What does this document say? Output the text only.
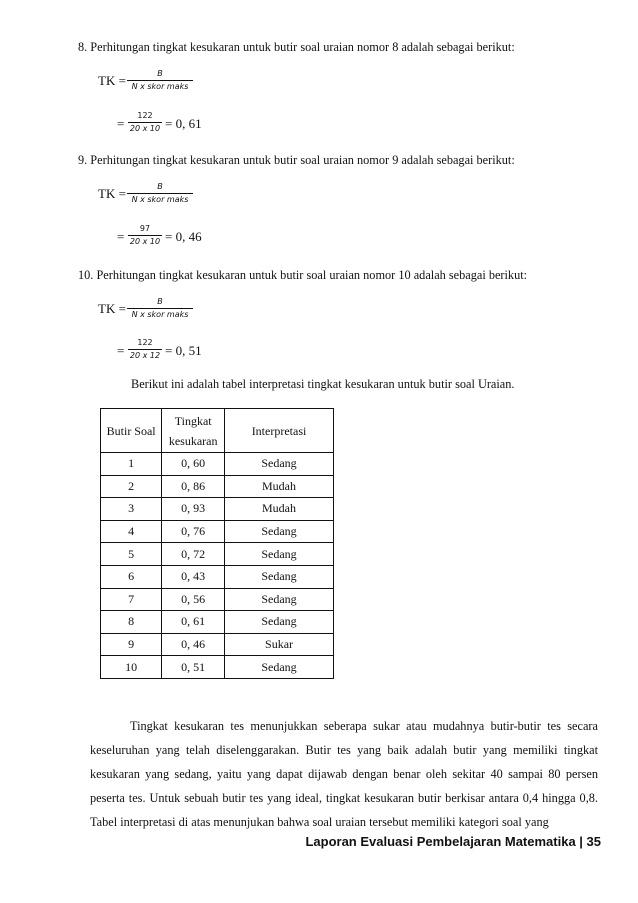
8. Perhitungan tingkat kesukaran untuk butir soal uraian nomor 8 adalah sebagai berikut:
TK =	B
N x skor maks
= $\frac{122}{20 x 10} = 0$, 61
9. Perhitungan tingkat kesukaran untuk butir soal uraian nomor 9 adalah sebagai berikut:
TK =	B
N x skor maks
= $\frac{97}{20 x 10} = 0$, 46
10. Perhitungan tingkat kesukaran untuk butir soal uraian nomor 10 adalah sebagai berikut:
TK =	B
N x skor maks
= $\frac{122}{20 x 12} = 0$, 51
Berikut ini adalah tabel interpretasi tingkat kesukaran untuk butir soal Uraian.
Butir Soal	Tingkat kesukaran	Interpretasi
1	0, 60	Sedang
2	0, 86	Mudah
3	0, 93	Mudah
4	0, 76	Sedang
5	0, 72	Sedang
6	0, 43	Sedang
7	0, 56	Sedang
8	0, 61	Sedang
9	0, 46	Sukar
10	0, 51	Sedang

Tingkat kesukaran tes menunjukkan seberapa sukar atau mudahnya butir-butir tes secara keseluruhan yang telah diselenggarakan. Butir tes yang baik adalah butir yang memiliki tingkat kesukaran yang sedang, yaitu yang dapat dijawab dengan benar oleh sekitar 40 sampai 80 persen peserta tes. Untuk sebuah butir tes yang ideal, tingkat kesukaran butir berkisar antara 0,4 hingga 0,8. Tabel interpretasi di atas menunjukan bahwa soal uraian tersebut memiliki kategori soal yang

Laporan Evaluasi Pembelajaran Matematika | 35
